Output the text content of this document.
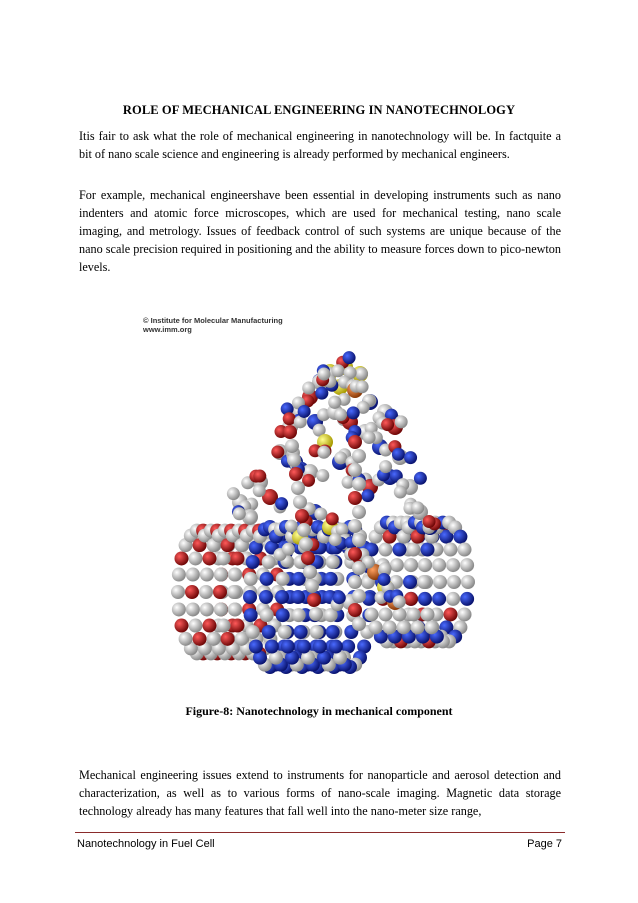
ROLE OF MECHANICAL ENGINEERING IN NANOTECHNOLOGY
Itis fair to ask what the role of mechanical engineering in nanotechnology will be. In factquite a bit of nano scale science and engineering is already performed by mechanical engineers.
For example, mechanical engineershave been essential in developing instruments such as nano indenters and atomic force microscopes, which are used for mechanical testing, nano scale imaging, and metrology. Issues of feedback control of such systems are unique because of the nano scale precision required in positioning and the ability to measure forces down to pico-newton levels.
© Institute for Molecular Manufacturing
www.imm.org
Figure-8: Nanotechnology in mechanical component
Mechanical engineering issues extend to instruments for nanoparticle and aerosol detection and characterization, as well as to various forms of nano-scale imaging. Magnetic data storage technology already has many features that fall well into the nano-meter size range,
Nanotechnology in Fuel Cell	Page 7
